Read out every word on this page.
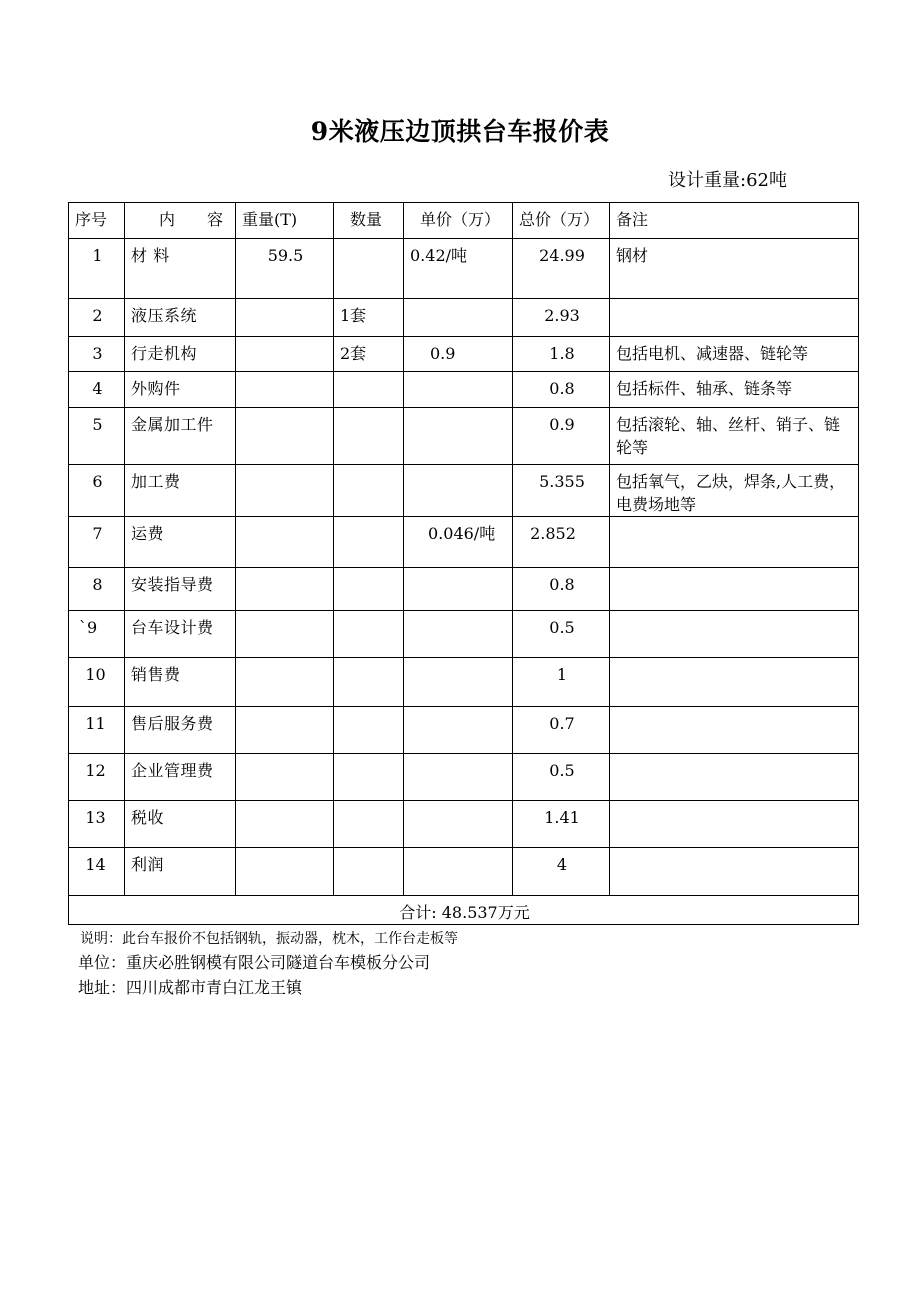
9米液压边顶拱台车报价表
设计重量:62吨
序号	内　　容	重量(T)	数量	单价（万）	总价（万）	备注
1	材 料	59.5		0.42/吨	24.99	钢材
2	液压系统		1套		2.93	
3	行走机构		2套	0.9	1.8	包括电机、减速器、链轮等
4	外购件				0.8	包括标件、轴承、链条等
5	金属加工件				0.9	包括滚轮、轴、丝杆、销子、链轮等
6	加工费				5.355	包括氧气，乙炔，焊条,人工费，电费场地等
7	运费			0.046/吨	2.852	
8	安装指导费				0.8	
`9	台车设计费				0.5	
10	销售费				1	
11	售后服务费				0.7	
12	企业管理费				0.5	
13	税收				1.41	
14	利润				4	
合计: 48.537万元						
说明：此台车报价不包括钢轨，振动器，枕木，工作台走板等
单位：重庆必胜钢模有限公司隧道台车模板分公司
地址：四川成都市青白江龙王镇
